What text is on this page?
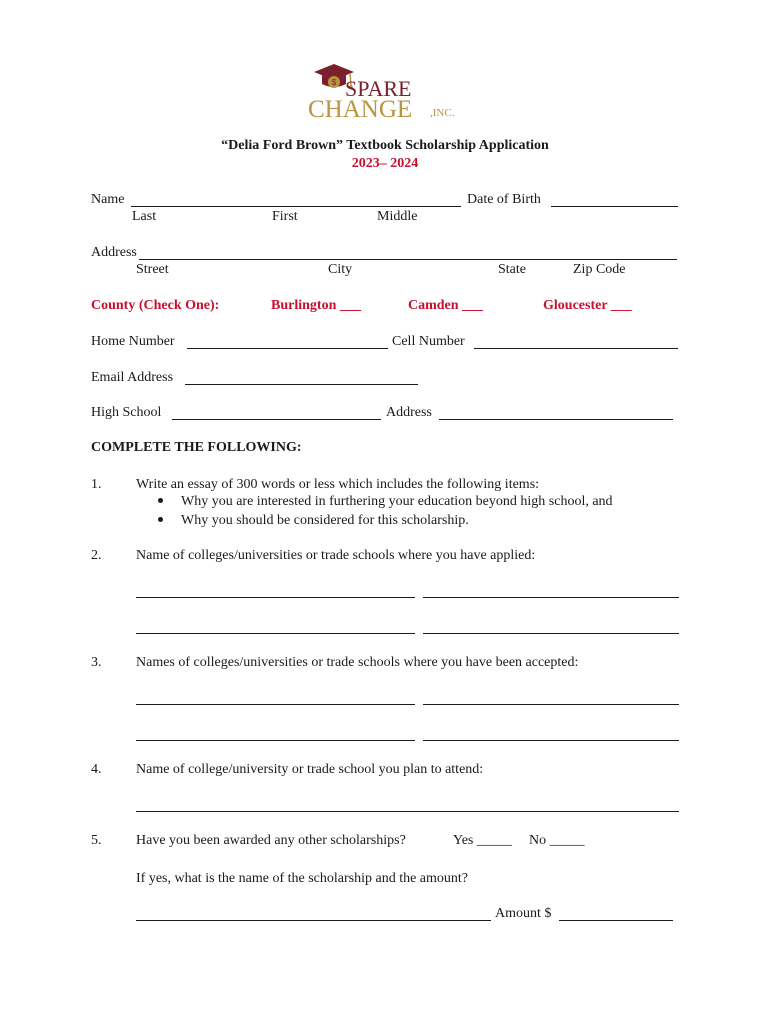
$ SPARE
CHANGE ,INC.
“Delia Ford Brown” Textbook Scholarship Application
2023– 2024
Name	Date of Birth
Last	First	Middle
Address
Street	City	State	Zip Code
County (Check One):	Burlington ___	Camden ___	Gloucester ___
Home Number	Cell Number
Email Address
High School	Address
COMPLETE THE FOLLOWING:
1. Write an essay of 300 words or less which includes the following items:
Why you are interested in furthering your education beyond high school, and
Why you should be considered for this scholarship.
2. Name of colleges/universities or trade schools where you have applied:
3. Names of colleges/universities or trade schools where you have been accepted:
4. Name of college/university or trade school you plan to attend:
5. Have you been awarded any other scholarships?	Yes _____ No _____
If yes, what is the name of the scholarship and the amount?
Amount $
